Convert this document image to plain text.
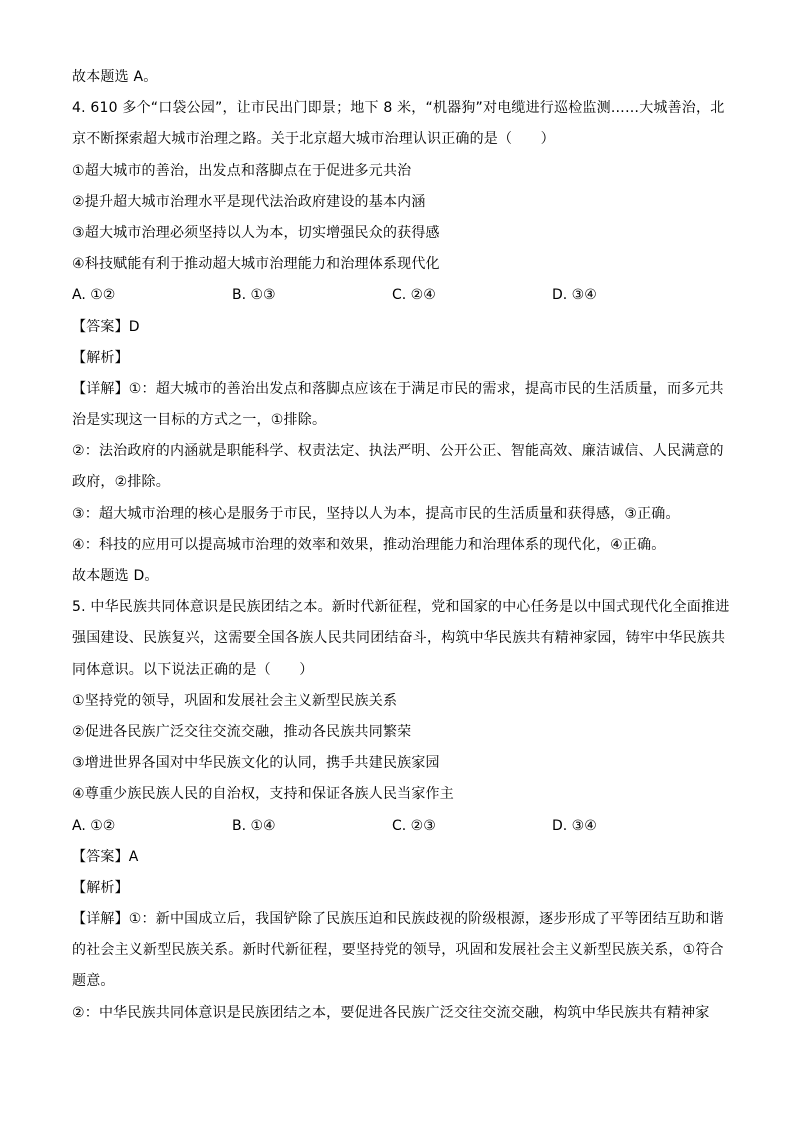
故本题选 A。
4. 610 多个“口袋公园”，让市民出门即景；地下 8 米，“机器狗”对电缆进行巡检监测……大城善治，北
京不断探索超大城市治理之路。关于北京超大城市治理认识正确的是（　　）
①超大城市的善治，出发点和落脚点在于促进多元共治
②提升超大城市治理水平是现代法治政府建设的基本内涵
③超大城市治理必须坚持以人为本，切实增强民众的获得感
④科技赋能有利于推动超大城市治理能力和治理体系现代化
A. ①②	B. ①③	C. ②④	D. ③④
【答案】D
【解析】
【详解】①：超大城市的善治出发点和落脚点应该在于满足市民的需求，提高市民的生活质量，而多元共
治是实现这一目标的方式之一，①排除。
②：法治政府的内涵就是职能科学、权责法定、执法严明、公开公正、智能高效、廉洁诚信、人民满意的
政府，②排除。
③：超大城市治理的核心是服务于市民，坚持以人为本，提高市民的生活质量和获得感，③正确。
④：科技的应用可以提高城市治理的效率和效果，推动治理能力和治理体系的现代化，④正确。
故本题选 D。
5. 中华民族共同体意识是民族团结之本。新时代新征程，党和国家的中心任务是以中国式现代化全面推进
强国建设、民族复兴，这需要全国各族人民共同团结奋斗，构筑中华民族共有精神家园，铸牢中华民族共
同体意识。以下说法正确的是（　　）
①坚持党的领导，巩固和发展社会主义新型民族关系
②促进各民族广泛交往交流交融，推动各民族共同繁荣
③增进世界各国对中华民族文化的认同，携手共建民族家园
④尊重少族民族人民的自治权，支持和保证各族人民当家作主
A. ①②	B. ①④	C. ②③	D. ③④
【答案】A
【解析】
【详解】①：新中国成立后，我国铲除了民族压迫和民族歧视的阶级根源，逐步形成了平等团结互助和谐
的社会主义新型民族关系。新时代新征程，要坚持党的领导，巩固和发展社会主义新型民族关系，①符合
题意。
②：中华民族共同体意识是民族团结之本，要促进各民族广泛交往交流交融，构筑中华民族共有精神家
